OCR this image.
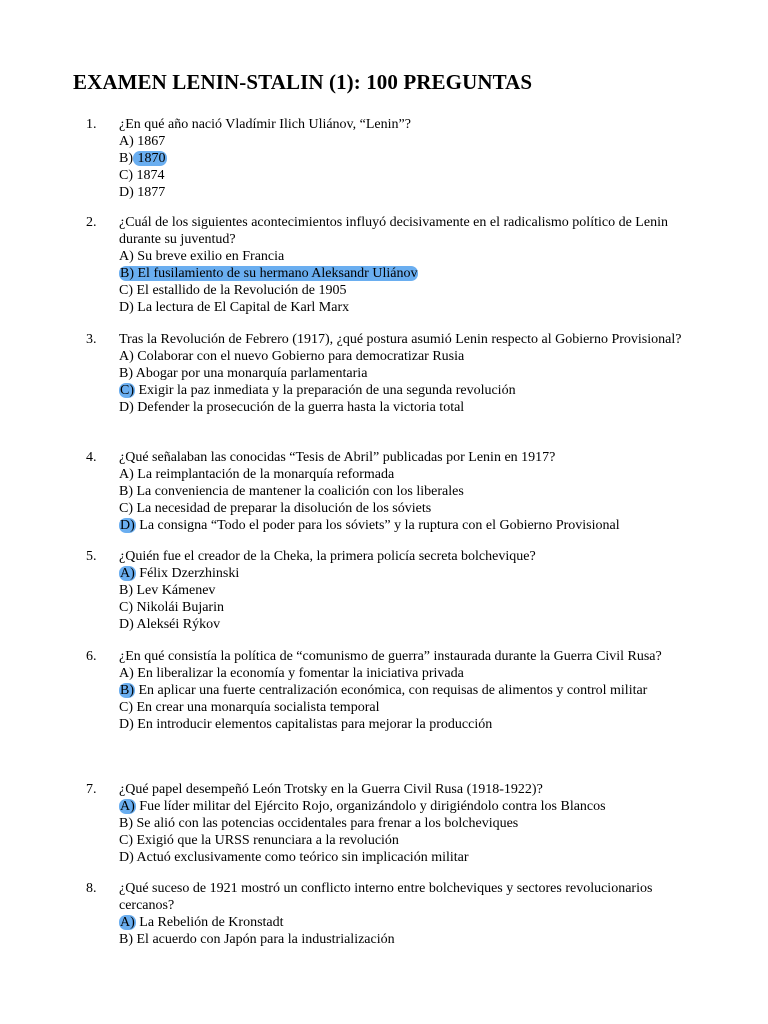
EXAMEN LENIN-STALIN (1): 100 PREGUNTAS
1. ¿En qué año nació Vladímir Ilich Uliánov, “Lenin”?
A) 1867
B) 1870
C) 1874
D) 1877
2. ¿Cuál de los siguientes acontecimientos influyó decisivamente en el radicalismo político de Lenin durante su juventud?
A) Su breve exilio en Francia
B) El fusilamiento de su hermano Aleksandr Uliánov
C) El estallido de la Revolución de 1905
D) La lectura de El Capital de Karl Marx
3. Tras la Revolución de Febrero (1917), ¿qué postura asumió Lenin respecto al Gobierno Provisional?
A) Colaborar con el nuevo Gobierno para democratizar Rusia
B) Abogar por una monarquía parlamentaria
C) Exigir la paz inmediata y la preparación de una segunda revolución
D) Defender la prosecución de la guerra hasta la victoria total
4. ¿Qué señalaban las conocidas “Tesis de Abril” publicadas por Lenin en 1917?
A) La reimplantación de la monarquía reformada
B) La conveniencia de mantener la coalición con los liberales
C) La necesidad de preparar la disolución de los sóviets
D) La consigna “Todo el poder para los sóviets” y la ruptura con el Gobierno Provisional
5. ¿Quién fue el creador de la Cheka, la primera policía secreta bolchevique?
A) Félix Dzerzhinski
B) Lev Kámenev
C) Nikolái Bujarin
D) Alekséi Rýkov
6. ¿En qué consistía la política de “comunismo de guerra” instaurada durante la Guerra Civil Rusa?
A) En liberalizar la economía y fomentar la iniciativa privada
B) En aplicar una fuerte centralización económica, con requisas de alimentos y control militar
C) En crear una monarquía socialista temporal
D) En introducir elementos capitalistas para mejorar la producción
7. ¿Qué papel desempeñó León Trotsky en la Guerra Civil Rusa (1918-1922)?
A) Fue líder militar del Ejército Rojo, organizándolo y dirigiéndolo contra los Blancos
B) Se alió con las potencias occidentales para frenar a los bolcheviques
C) Exigió que la URSS renunciara a la revolución
D) Actuó exclusivamente como teórico sin implicación militar
8. ¿Qué suceso de 1921 mostró un conflicto interno entre bolcheviques y sectores revolucionarios cercanos?
A) La Rebelión de Kronstadt
B) El acuerdo con Japón para la industrialización
